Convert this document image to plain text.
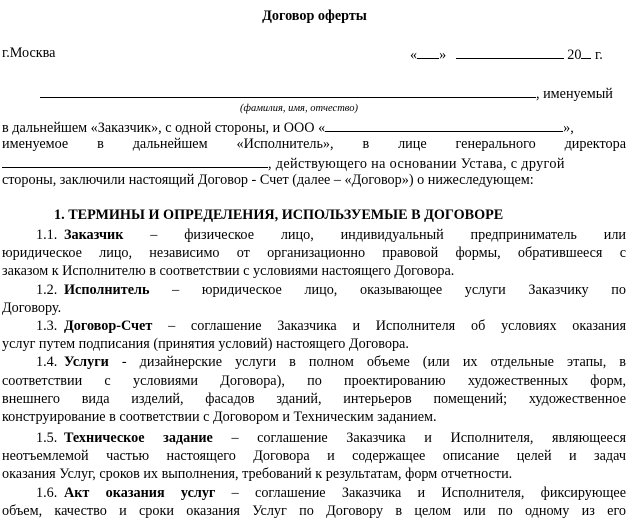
Договор оферты
г.Москва	« »	20 г.
, именуемый
(фамилия, имя, отчество)
в дальнейшем «Заказчик», с одной стороны, и ООО «	»,
именуемое в дальнейшем «Исполнитель», в лице генерального директора
, действующего на основании Устава, с другой
стороны, заключили настоящий Договор - Счет (далее – «Договор») о нижеследующем:
1. ТЕРМИНЫ И ОПРЕДЕЛЕНИЯ, ИСПОЛЬЗУЕМЫЕ В ДОГОВОРЕ
1.1. Заказчик – физическое лицо, индивидуальный предприниматель или
юридическое лицо, независимо от организационно правовой формы, обратившееся с
заказом к Исполнителю в соответствии с условиями настоящего Договора.
1.2. Исполнитель – юридическое лицо, оказывающее услуги Заказчику по
Договору.
1.3. Договор-Счет – соглашение Заказчика и Исполнителя об условиях оказания
услуг путем подписания (принятия условий) настоящего Договора.
1.4. Услуги - дизайнерские услуги в полном объеме (или их отдельные этапы, в
соответствии с условиями Договора), по проектированию художественных форм,
внешнего вида изделий, фасадов зданий, интерьеров помещений; художественное
конструирование в соответствии с Договором и Техническим заданием.
1.5. Техническое задание – соглашение Заказчика и Исполнителя, являющееся
неотъемлемой частью настоящего Договора и содержащее описание целей и задач
оказания Услуг, сроков их выполнения, требований к результатам, форм отчетности.
1.6. Акт оказания услуг – соглашение Заказчика и Исполнителя, фиксирующее
объем, качество и сроки оказания Услуг по Договору в целом или по одному из его
